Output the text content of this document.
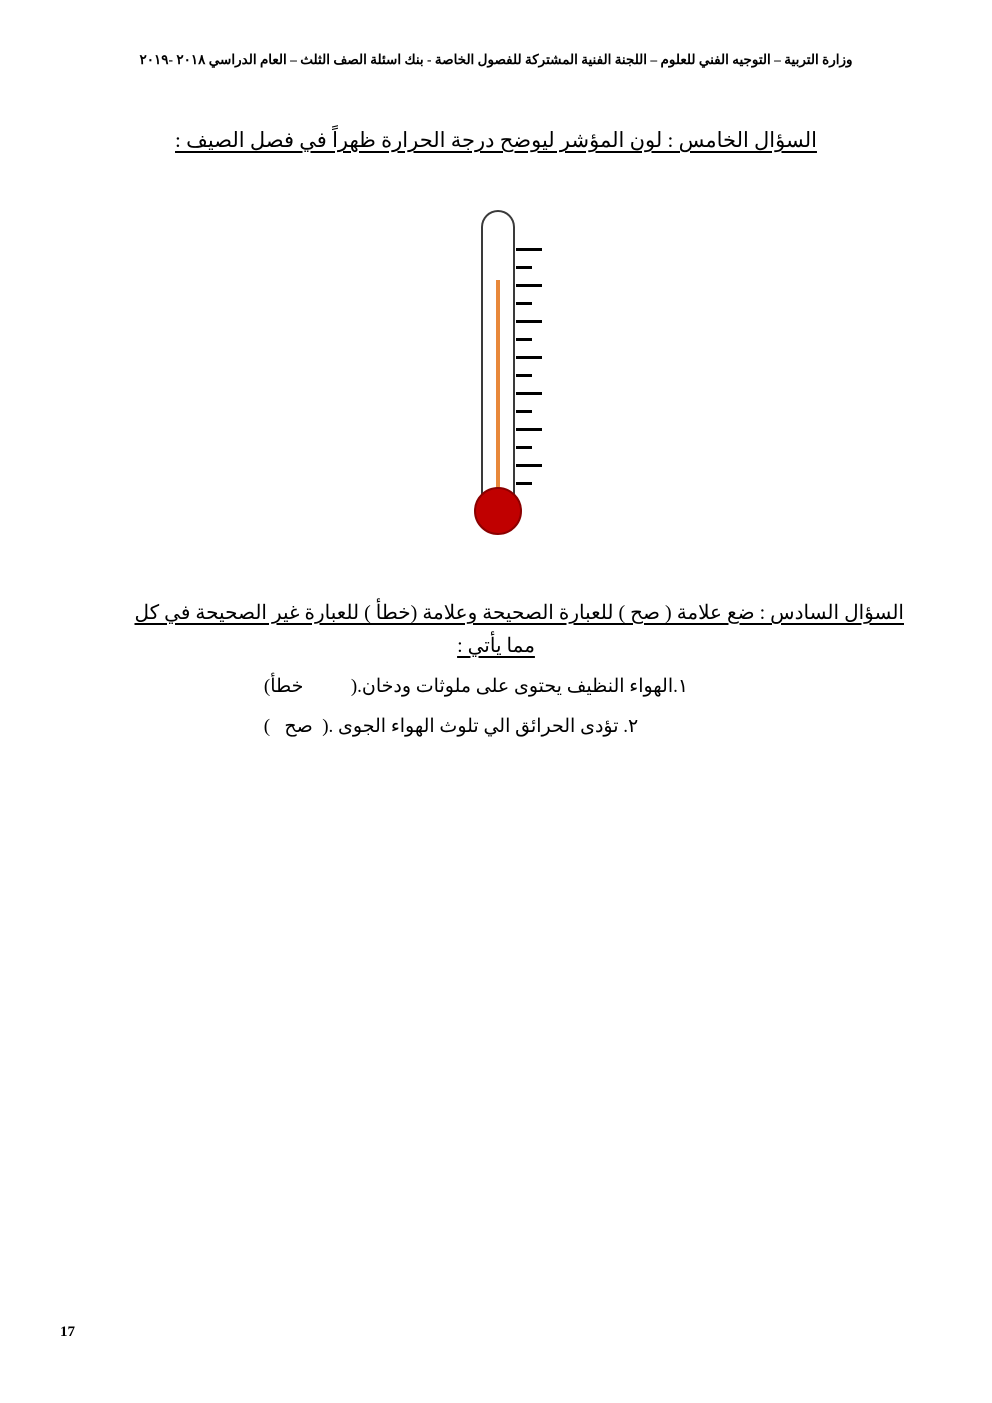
وزارة التربية – التوجيه الفني للعلوم – اللجنة الفنية المشتركة للفصول الخاصة - بنك اسئلة الصف الثلث – العام الدراسي ٢٠١٨ -٢٠١٩
السؤال الخامس : لون المؤشر ليوضح درجة الحرارة ظهراً في فصل الصيف :
السؤال السادس : ضع علامة ( صح ) للعبارة الصحيحة وعلامة (خطأ ) للعبارة غير الصحيحة في كل
مما يأتي :
١.الهواء النظيف يحتوى على ملوثات ودخان.(          خطأ)
٢. تؤدى الحرائق الي تلوث الهواء الجوى .(  صح   )
17
